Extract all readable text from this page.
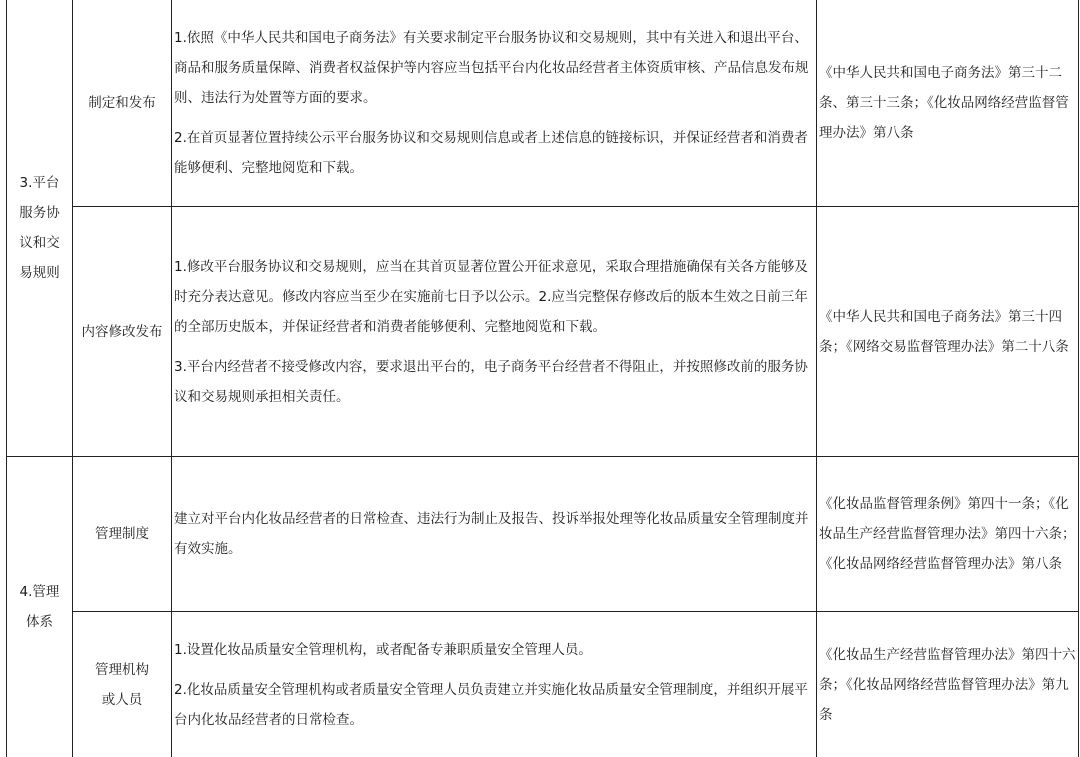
3.平台
服务协
议和交
易规则
制定和发布
1.依照《中华人民共和国电子商务法》有关要求制定平台服务协议和交易规则，其中有关进入和退出平台、商品和服务质量保障、消费者权益保护等内容应当包括平台内化妆品经营者主体资质审核、产品信息发布规则、违法行为处置等方面的要求。
2.在首页显著位置持续公示平台服务协议和交易规则信息或者上述信息的链接标识，并保证经营者和消费者能够便利、完整地阅览和下载。
《中华人民共和国电子商务法》第三十二条、第三十三条；《化妆品网络经营监督管理办法》第八条
内容修改发布
1.修改平台服务协议和交易规则，应当在其首页显著位置公开征求意见，采取合理措施确保有关各方能够及时充分表达意见。修改内容应当至少在实施前七日予以公示。2.应当完整保存修改后的版本生效之日前三年的全部历史版本，并保证经营者和消费者能够便利、完整地阅览和下载。
3.平台内经营者不接受修改内容，要求退出平台的，电子商务平台经营者不得阻止，并按照修改前的服务协议和交易规则承担相关责任。
《中华人民共和国电子商务法》第三十四条；《网络交易监督管理办法》第二十八条
4.管理
体系
管理制度
建立对平台内化妆品经营者的日常检查、违法行为制止及报告、投诉举报处理等化妆品质量安全管理制度并有效实施。
《化妆品监督管理条例》第四十一条；《化妆品生产经营监督管理办法》第四十六条；《化妆品网络经营监督管理办法》第八条
管理机构或人员
1.设置化妆品质量安全管理机构，或者配备专兼职质量安全管理人员。
2.化妆品质量安全管理机构或者质量安全管理人员负责建立并实施化妆品质量安全管理制度，并组织开展平台内化妆品经营者的日常检查。
《化妆品生产经营监督管理办法》第四十六条；《化妆品网络经营监督管理办法》第九条
